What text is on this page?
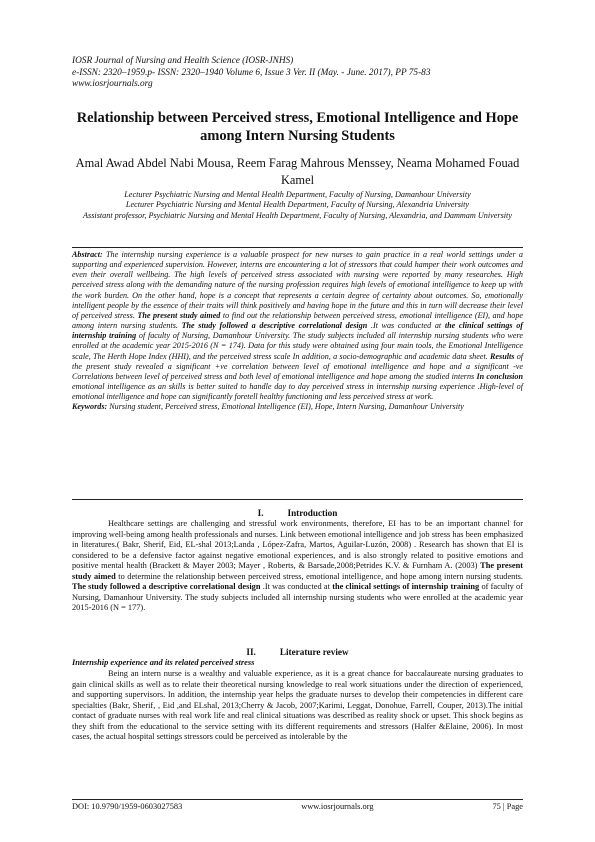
IOSR Journal of Nursing and Health Science (IOSR-JNHS)
e-ISSN: 2320–1959.p- ISSN: 2320–1940 Volume 6, Issue 3 Ver. II (May. - June. 2017), PP 75-83
www.iosrjournals.org
Relationship between Perceived stress, Emotional Intelligence and Hope among Intern Nursing Students
Amal Awad Abdel Nabi Mousa, Reem Farag Mahrous Menssey, Neama Mohamed Fouad Kamel
Lecturer Psychiatric Nursing and Mental Health Department, Faculty of Nursing, Damanhour University
Lecturer Psychiatric Nursing and Mental Health Department, Faculty of Nursing, Alexandria University
Assistant professor, Psychiatric Nursing and Mental Health Department, Faculty of Nursing, Alexandria, and Dammam University
Abstract: The internship nursing experience is a valuable prospect for new nurses to gain practice in a real world settings under a supporting and experienced supervision. However, interns are encountering a lot of stressors that could hamper their work outcomes and even their overall wellbeing. The high levels of perceived stress associated with nursing were reported by many researches. High perceived stress along with the demanding nature of the nursing profession requires high levels of emotional intelligence to keep up with the work burden. On the other hand, hope is a concept that represents a certain degree of certainty about outcomes. So, emotionally intelligent people by the essence of their traits will think positively and having hope in the future and this in turn will decrease their level of perceived stress. The present study aimed to find out the relationship between perceived stress, emotional intelligence (EI), and hope among intern nursing students. The study followed a descriptive correlational design .It was conducted at the clinical settings of internship training of faculty of Nursing, Damanhour University. The study subjects included all internship nursing students who were enrolled at the academic year 2015-2016 (N = 174). Data for this study were obtained using four main tools, the Emotional Intelligence scale, The Herth Hope Index (HHI), and the perceived stress scale In addition, a socio-demographic and academic data sheet. Results of the present study revealed a significant +ve correlation between level of emotional intelligence and hope and a significant -ve Correlations between level of perceived stress and both level of emotional intelligence and hope among the studied interns In conclusion emotional intelligence as an skills is better suited to handle day to day perceived stress in internship nursing experience .High-level of emotional intelligence and hope can significantly foretell healthy functioning and less perceived stress at work.
Keywords: Nursing student, Perceived stress, Emotional Intelligence (EI), Hope, Intern Nursing, Damanhour University
I.	Introduction
Healthcare settings are challenging and stressful work environments, therefore, EI has to be an important channel for improving well-being among health professionals and nurses. Link between emotional intelligence and job stress has been emphasized in literatures.( Bakr, Sherif, Eid, EL-shal 2013;Landa , López-Zafra, Martos, Aguilar-Luzón, 2008) . Research has shown that EI is considered to be a defensive factor against negative emotional experiences, and is also strongly related to positive emotions and positive mental health (Brackett & Mayer 2003; Mayer , Roberts, & Barsade,2008;Petrides K.V. & Furnham A. (2003) The present study aimed to determine the relationship between perceived stress, emotional intelligence, and hope among intern nursing students. The study followed a descriptive correlational design .It was conducted at the clinical settings of internship training of faculty of Nursing, Damanhour University. The study subjects included all internship nursing students who were enrolled at the academic year 2015-2016 (N = 177).
II.	Literature review
Internship experience and its related perceived stress
Being an intern nurse is a wealthy and valuable experience, as it is a great chance for baccalaureate nursing graduates to gain clinical skills as well as to relate their theoretical nursing knowledge to real work situations under the direction of experienced, and supporting supervisors. In addition, the internship year helps the graduate nurses to develop their competencies in different care specialties (Bakr, Sherif, , Eid ,and ELshal, 2013;Cherry & Jacob, 2007;Karimi, Leggat, Donohue, Farrell, Couper, 2013).The initial contact of graduate nurses with real work life and real clinical situations was described as reality shock or upset. This shock begins as they shift from the educational to the service setting with its different requirements and stressors (Halfer &Elaine, 2006). In most cases, the actual hospital settings stressors could be perceived as intolerable by the
DOI: 10.9790/1959-0603027583	www.iosrjournals.org	75 | Page
